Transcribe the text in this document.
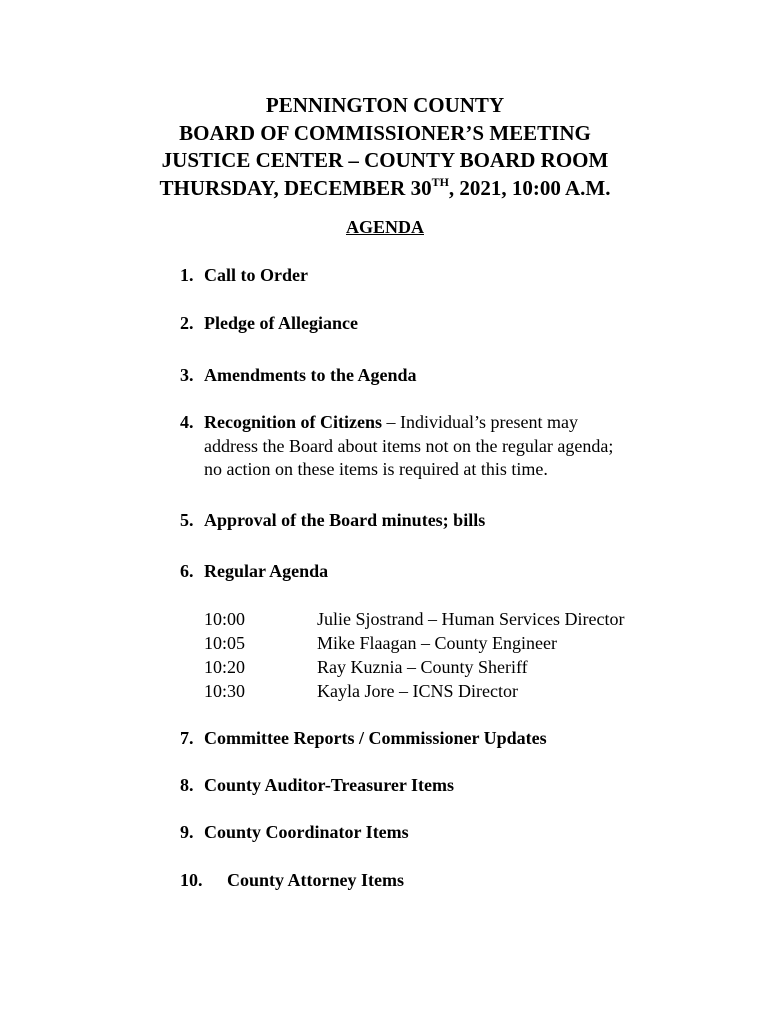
PENNINGTON COUNTY
BOARD OF COMMISSIONER’S MEETING
JUSTICE CENTER – COUNTY BOARD ROOM
THURSDAY, DECEMBER 30TH, 2021, 10:00 A.M.
AGENDA
1. Call to Order
2. Pledge of Allegiance
3. Amendments to the Agenda
4. Recognition of Citizens – Individual’s present may
address the Board about items not on the regular agenda;
no action on these items is required at this time.
5. Approval of the Board minutes; bills
6. Regular Agenda
10:00	Julie Sjostrand – Human Services Director
10:05	Mike Flaagan – County Engineer
10:20	Ray Kuznia – County Sheriff
10:30	Kayla Jore – ICNS Director
7. Committee Reports / Commissioner Updates
8. County Auditor-Treasurer Items
9. County Coordinator Items
10. County Attorney Items
